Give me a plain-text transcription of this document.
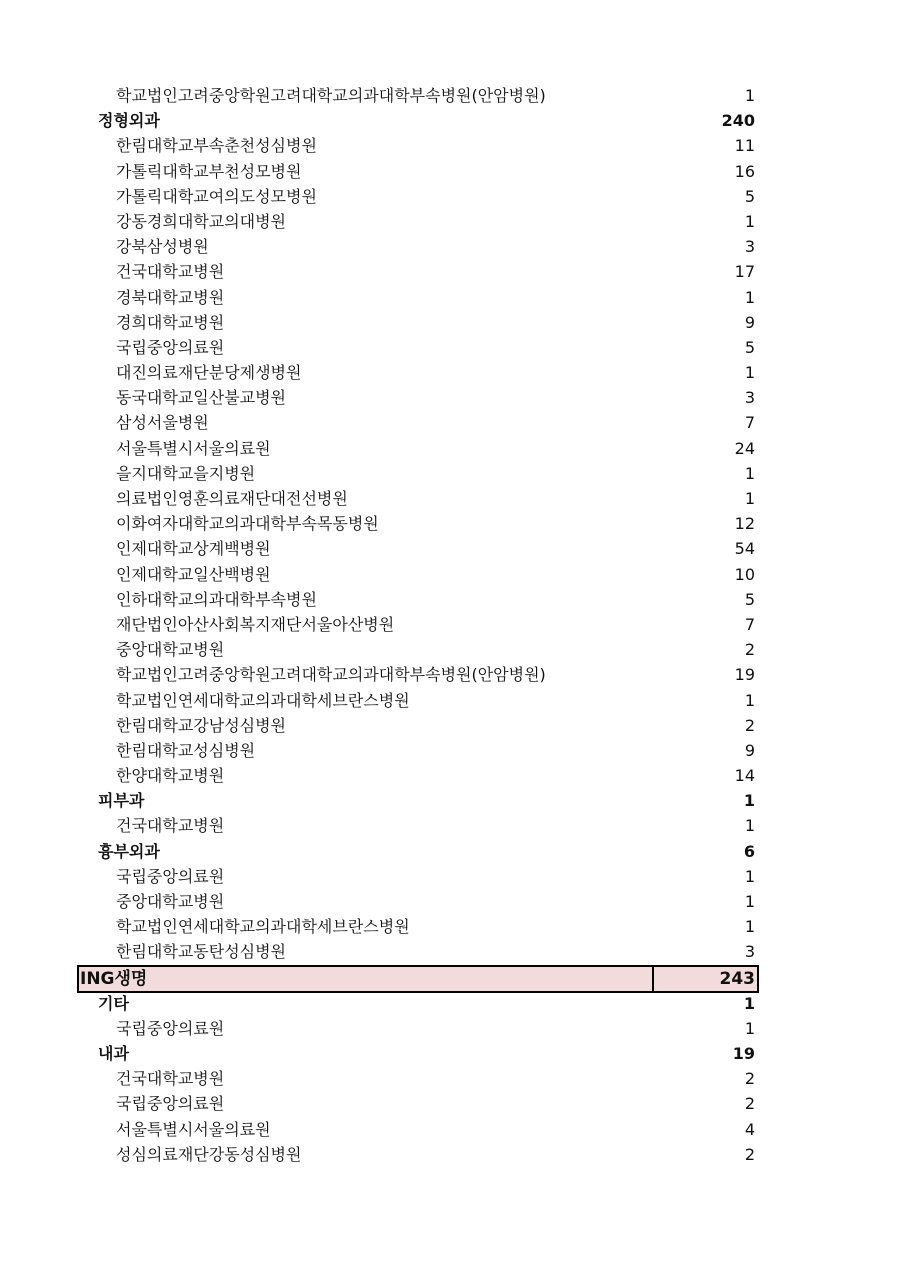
학교법인고려중앙학원고려대학교의과대학부속병원(안암병원)	1
정형외과	240
한림대학교부속춘천성심병원	11
가톨릭대학교부천성모병원	16
가톨릭대학교여의도성모병원	5
강동경희대학교의대병원	1
강북삼성병원	3
건국대학교병원	17
경북대학교병원	1
경희대학교병원	9
국립중앙의료원	5
대진의료재단분당제생병원	1
동국대학교일산불교병원	3
삼성서울병원	7
서울특별시서울의료원	24
을지대학교을지병원	1
의료법인영훈의료재단대전선병원	1
이화여자대학교의과대학부속목동병원	12
인제대학교상계백병원	54
인제대학교일산백병원	10
인하대학교의과대학부속병원	5
재단법인아산사회복지재단서울아산병원	7
중앙대학교병원	2
학교법인고려중앙학원고려대학교의과대학부속병원(안암병원)	19
학교법인연세대학교의과대학세브란스병원	1
한림대학교강남성심병원	2
한림대학교성심병원	9
한양대학교병원	14
피부과	1
건국대학교병원	1
흉부외과	6
국립중앙의료원	1
중앙대학교병원	1
학교법인연세대학교의과대학세브란스병원	1
한림대학교동탄성심병원	3
ING생명	243
기타	1
국립중앙의료원	1
내과	19
건국대학교병원	2
국립중앙의료원	2
서울특별시서울의료원	4
성심의료재단강동성심병원	2
